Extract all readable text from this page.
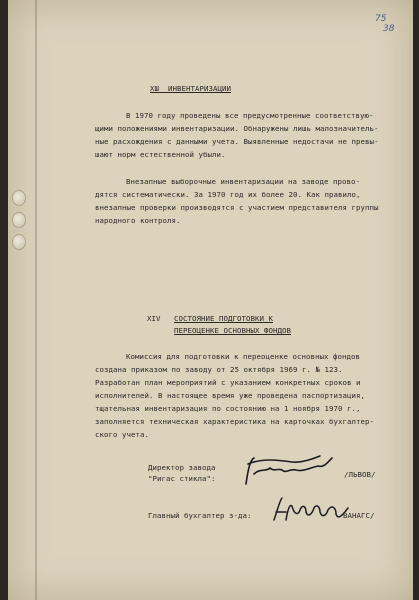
75
38
XШ  ИНВЕНТАРИЗАЦИИ
В 1970 году проведены все предусмотренные соответствую-
щими положениями инвентаризации. Обнаружены лишь малозначитель-
ные расхождения с данными учета. Выявленные недостачи не превы-
шают норм естественной убыли.
Внезапные выборочные инвентаризации на заводе прово-
дятся систематически. За 1970 год их более 20. Как правило,
внезапные проверки производятся с участием представителя группы
народного контроля.
XIV СОСТОЯНИЕ ПОДГОТОВКИ К
ПЕРЕОЦЕНКЕ ОСНОВНЫХ ФОНДОВ
Комиссия для подготовки к переоценке основных фондов
создана приказом по заводу от 25 октября 1969 г. № 123.
Разработан план мероприятий с указанием конкретных сроков и
исполнителей. В настоящее время уже проведена паспортизация,
тщательная инвентаризация по состоянию на 1 ноября 1970 г.,
заполняется техническая характеристика на карточках бухгалтер-
ского учета.
Директор завода
"Ригас стикла":	/ЛЬВОВ/
Главный бухгалтер з-да:	ВАНАГС/
